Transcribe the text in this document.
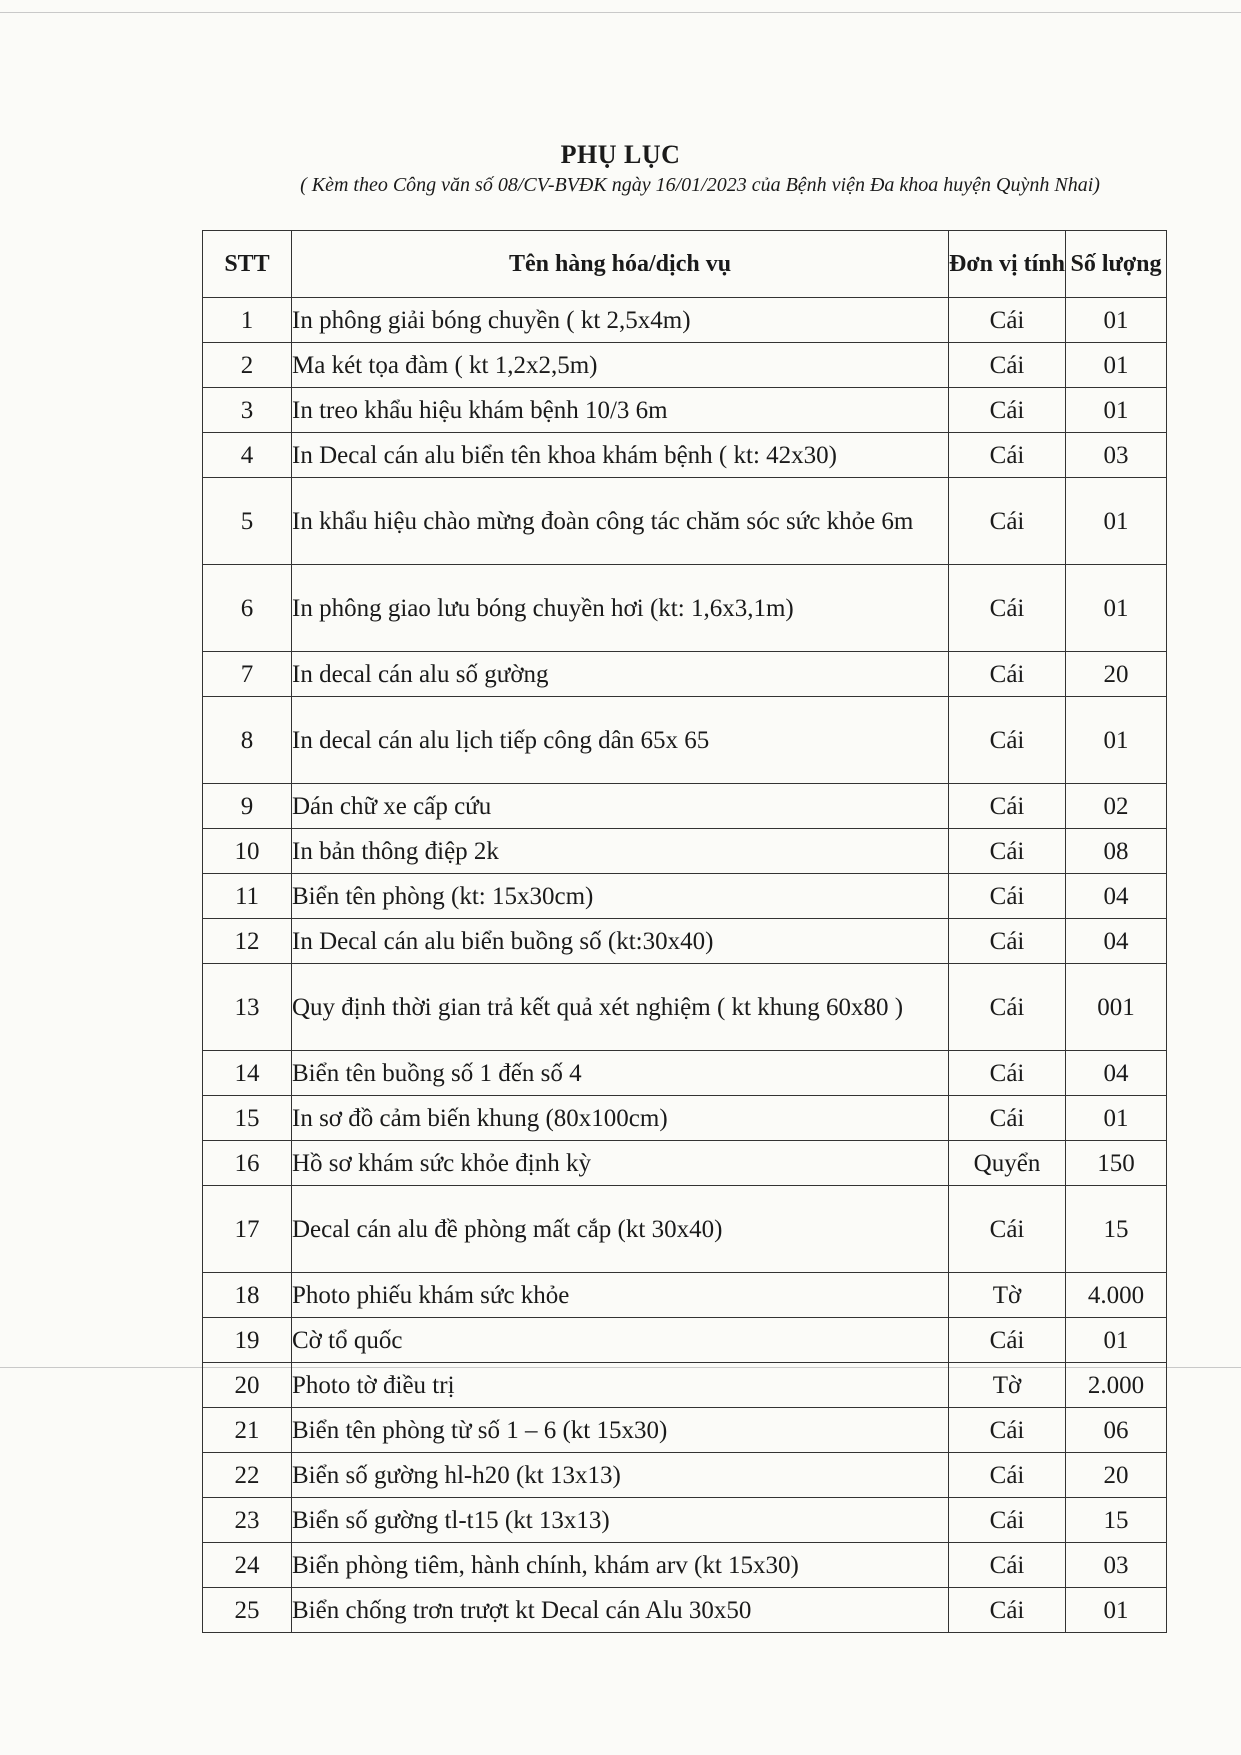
PHỤ LỤC
( Kèm theo Công văn số 08/CV-BVĐK ngày 16/01/2023 của Bệnh viện Đa khoa huyện Quỳnh Nhai)
STT	Tên hàng hóa/dịch vụ	Đơn vị tính	Số lượng
1	In phông giải bóng chuyền ( kt 2,5x4m)	Cái	01
2	Ma két tọa đàm ( kt 1,2x2,5m)	Cái	01
3	In treo khẩu hiệu khám bệnh 10/3 6m	Cái	01
4	In Decal cán alu biển tên khoa khám bệnh ( kt: 42x30)	Cái	03
5	In khẩu hiệu chào mừng đoàn công tác chăm sóc sức khỏe 6m	Cái	01
6	In phông giao lưu bóng chuyền hơi (kt: 1,6x3,1m)	Cái	01
7	In decal cán alu số gường	Cái	20
8	In decal cán alu lịch tiếp công dân 65x 65	Cái	01
9	Dán chữ xe cấp cứu	Cái	02
10	In bản thông điệp 2k	Cái	08
11	Biển tên phòng (kt: 15x30cm)	Cái	04
12	In Decal cán alu biển buồng số (kt:30x40)	Cái	04
13	Quy định thời gian trả kết quả xét nghiệm ( kt khung 60x80 )	Cái	001
14	Biển tên buồng số 1 đến số 4	Cái	04
15	In sơ đồ cảm biến khung (80x100cm)	Cái	01
16	Hồ sơ khám sức khỏe định kỳ	Quyển	150
17	Decal cán alu đề phòng mất cắp (kt 30x40)	Cái	15
18	Photo phiếu khám sức khỏe	Tờ	4.000
19	Cờ tổ quốc	Cái	01
20	Photo tờ điều trị	Tờ	2.000
21	Biển tên phòng từ số 1 – 6 (kt 15x30)	Cái	06
22	Biển số gường hl-h20 (kt 13x13)	Cái	20
23	Biển số gường tl-t15 (kt 13x13)	Cái	15
24	Biển phòng tiêm, hành chính, khám arv (kt 15x30)	Cái	03
25	Biển chống trơn trượt kt Decal cán Alu 30x50	Cái	01
